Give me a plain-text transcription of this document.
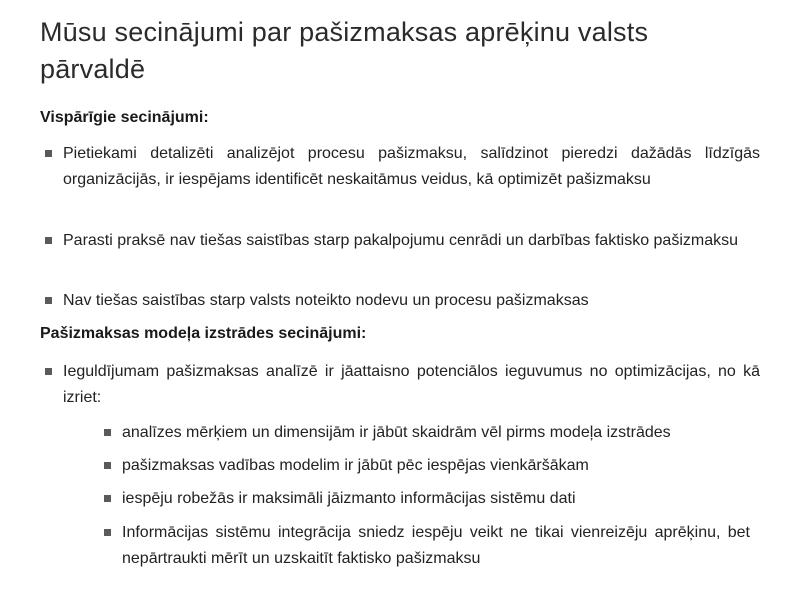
Mūsu secinājumi par pašizmaksas aprēķinu valsts pārvaldē
Vispārīgie secinājumi:
Pietiekami detalizēti analizējot procesu pašizmaksu, salīdzinot pieredzi dažādās līdzīgās organizācijās, ir iespējams identificēt neskaitāmus veidus, kā optimizēt pašizmaksu
Parasti praksē nav tiešas saistības starp pakalpojumu cenrādi un darbības faktisko pašizmaksu
Nav tiešas saistības starp valsts noteikto nodevu un procesu pašizmaksas
Pašizmaksas modeļa izstrādes secinājumi:
Ieguldījumam pašizmaksas analīzē ir jāattaisno potenciālos ieguvumus no optimizācijas, no kā izriet:
analīzes mērķiem un dimensijām ir jābūt skaidrām vēl pirms modeļa izstrādes
pašizmaksas vadības modelim ir jābūt pēc iespējas vienkāršākam
iespēju robežās ir maksimāli jāizmanto informācijas sistēmu dati
Informācijas sistēmu integrācija sniedz iespēju veikt ne tikai vienreizēju aprēķinu, bet nepārtraukti mērīt un uzskaitīt faktisko pašizmaksu
